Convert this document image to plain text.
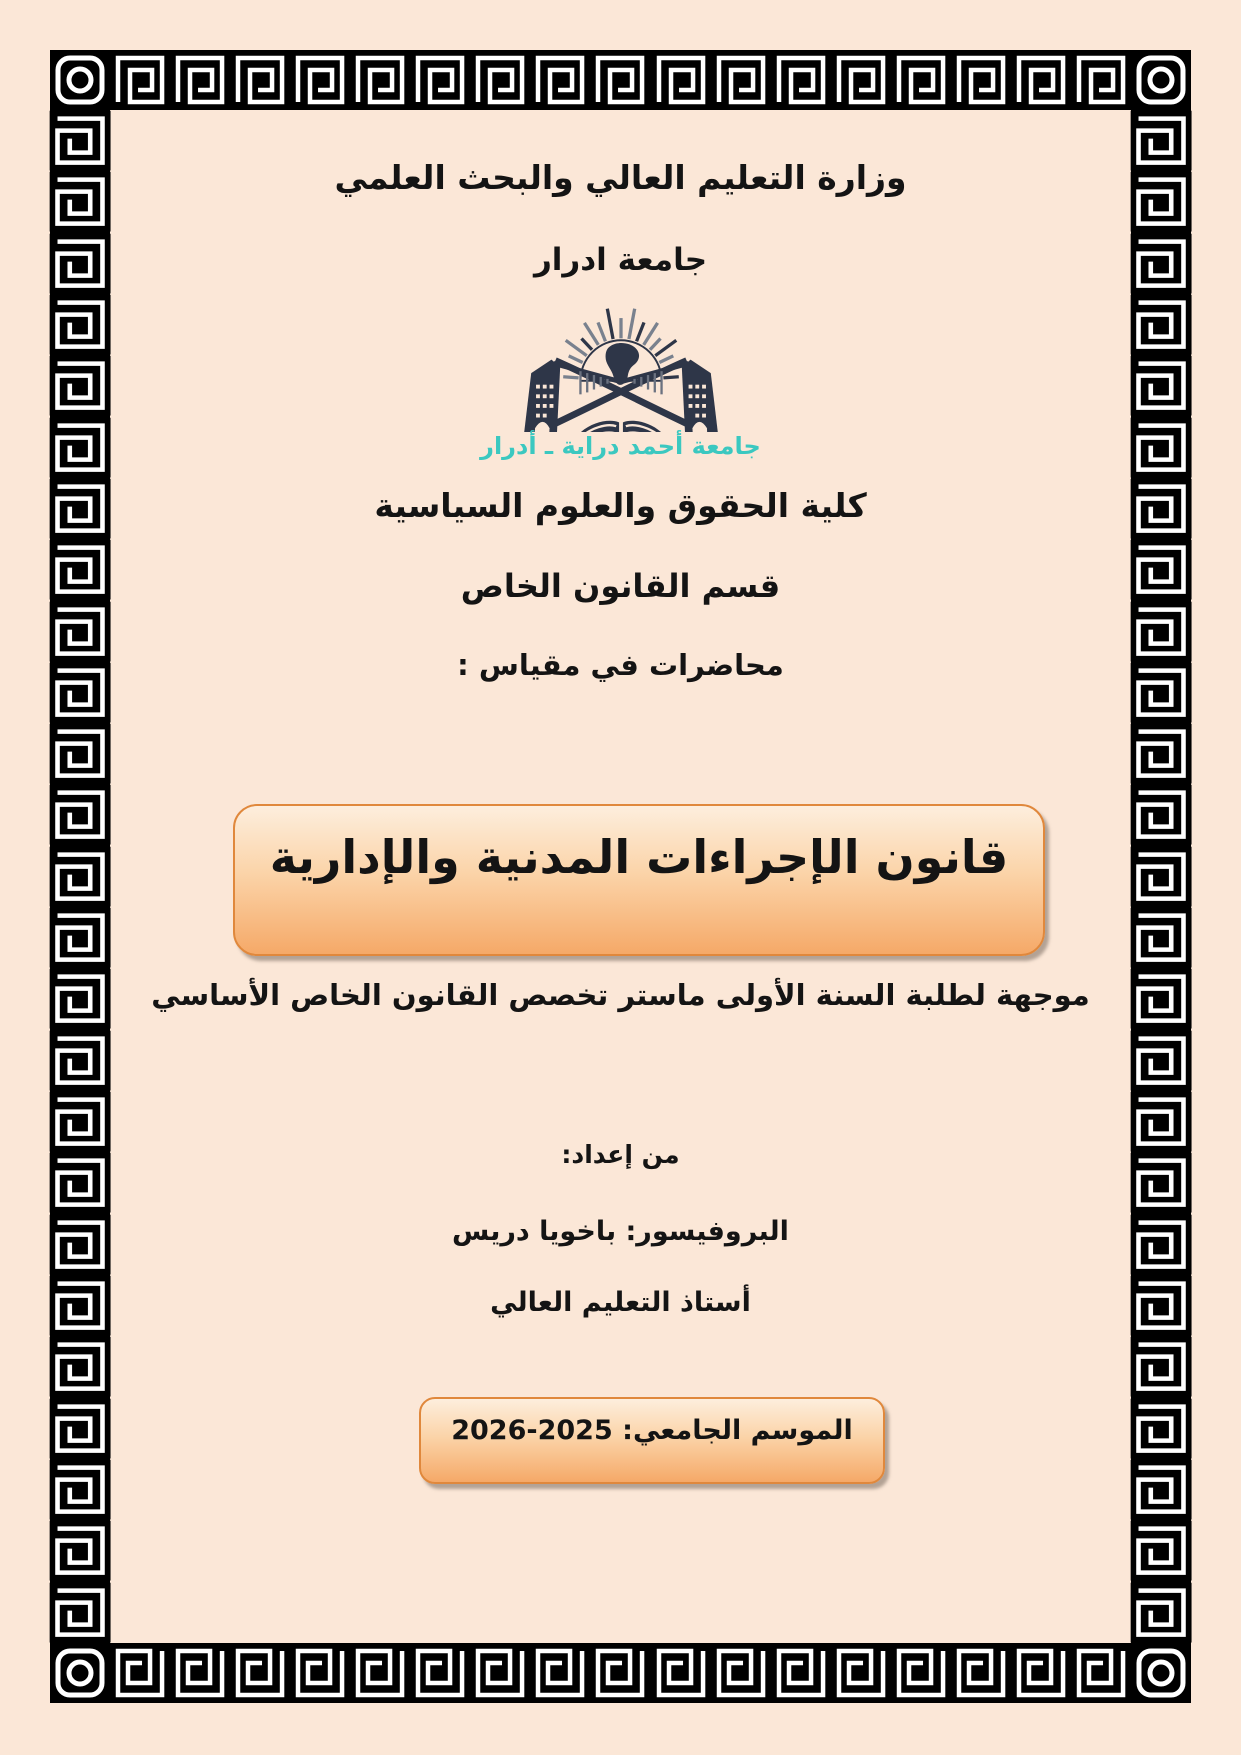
وزارة التعليم العالي والبحث العلمي
جامعة ادرار
جامعة أحمد دراية ـ أدرار
كلية الحقوق والعلوم السياسية
قسم القانون الخاص
محاضرات في مقياس :
قانون الإجراءات المدنية والإدارية
موجهة لطلبة السنة الأولى ماستر تخصص القانون الخاص الأساسي
من إعداد:
البروفيسور: باخويا دريس
أستاذ التعليم العالي
الموسم الجامعي: 2025‏-‏2026
